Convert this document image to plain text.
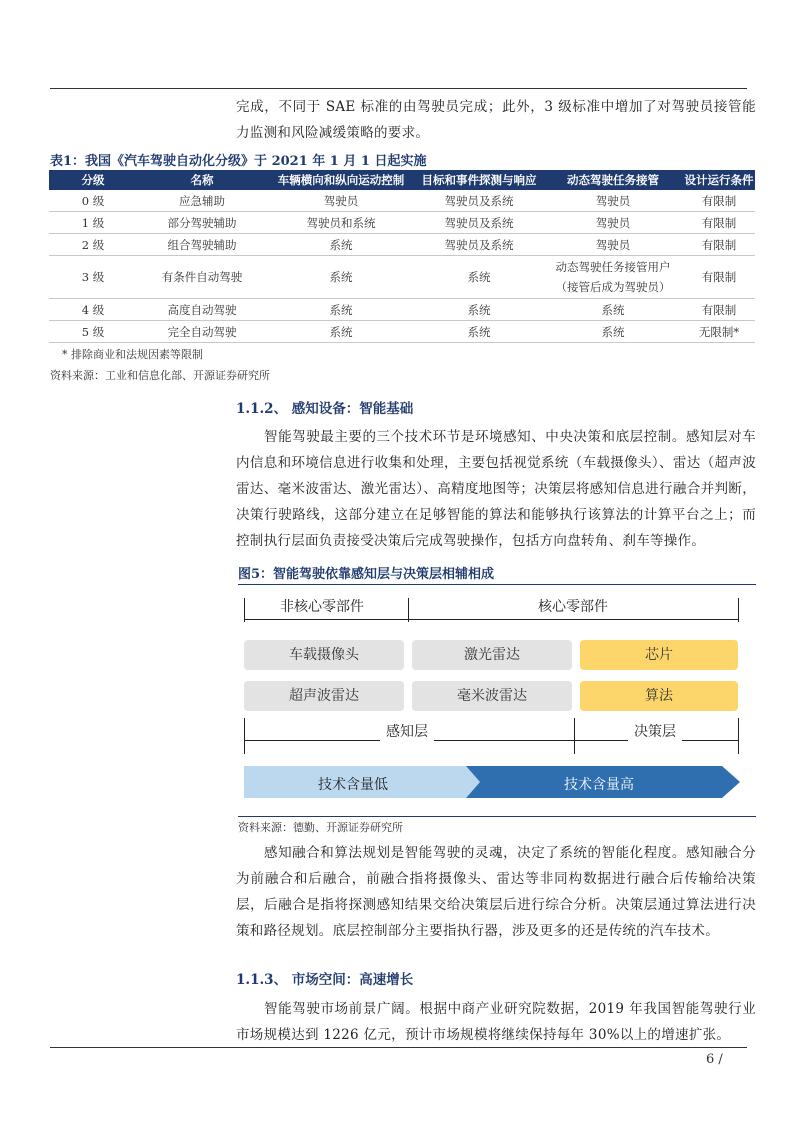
完成，不同于 SAE 标准的由驾驶员完成；此外，3 级标准中增加了对驾驶员接管能力监测和风险减缓策略的要求。

表1：我国《汽车驾驶自动化分级》于 2021 年 1 月 1 日起实施
分级	名称	车辆横向和纵向运动控制	目标和事件探测与响应	动态驾驶任务接管	设计运行条件
0 级	应急辅助	驾驶员	驾驶员及系统	驾驶员	有限制
1 级	部分驾驶辅助	驾驶员和系统	驾驶员及系统	驾驶员	有限制
2 级	组合驾驶辅助	系统	驾驶员及系统	驾驶员	有限制
3 级	有条件自动驾驶	系统	系统	动态驾驶任务接管用户
（接管后成为驾驶员）	有限制
4 级	高度自动驾驶	系统	系统	系统	有限制
5 级	完全自动驾驶	系统	系统	系统	无限制*
* 排除商业和法规因素等限制
资料来源：工业和信息化部、开源证券研究所
1.1.2、 感知设备：智能基础

智能驾驶最主要的三个技术环节是环境感知、中央决策和底层控制。感知层对车内信息和环境信息进行收集和处理，主要包括视觉系统（车载摄像头）、雷达（超声波雷达、毫米波雷达、激光雷达）、高精度地图等；决策层将感知信息进行融合并判断，决策行驶路线，这部分建立在足够智能的算法和能够执行该算法的计算平台之上；而控制执行层面负责接受决策后完成驾驶操作，包括方向盘转角、刹车等操作。

图5：智能驾驶依靠感知层与决策层相辅相成
非核心零部件	核心零部件
车载摄像头	激光雷达	芯片
超声波雷达	毫米波雷达	算法
感知层	决策层
技术含量低	技术含量高
资料来源：德勤、开源证券研究所

感知融合和算法规划是智能驾驶的灵魂，决定了系统的智能化程度。感知融合分为前融合和后融合，前融合指将摄像头、雷达等非同构数据进行融合后传输给决策层，后融合是指将探测感知结果交给决策层后进行综合分析。决策层通过算法进行决策和路径规划。底层控制部分主要指执行器，涉及更多的还是传统的汽车技术。

1.1.3、 市场空间：高速增长

智能驾驶市场前景广阔。根据中商产业研究院数据，2019 年我国智能驾驶行业市场规模达到 1226 亿元，预计市场规模将继续保持每年 30%以上的增速扩张。

6 /
